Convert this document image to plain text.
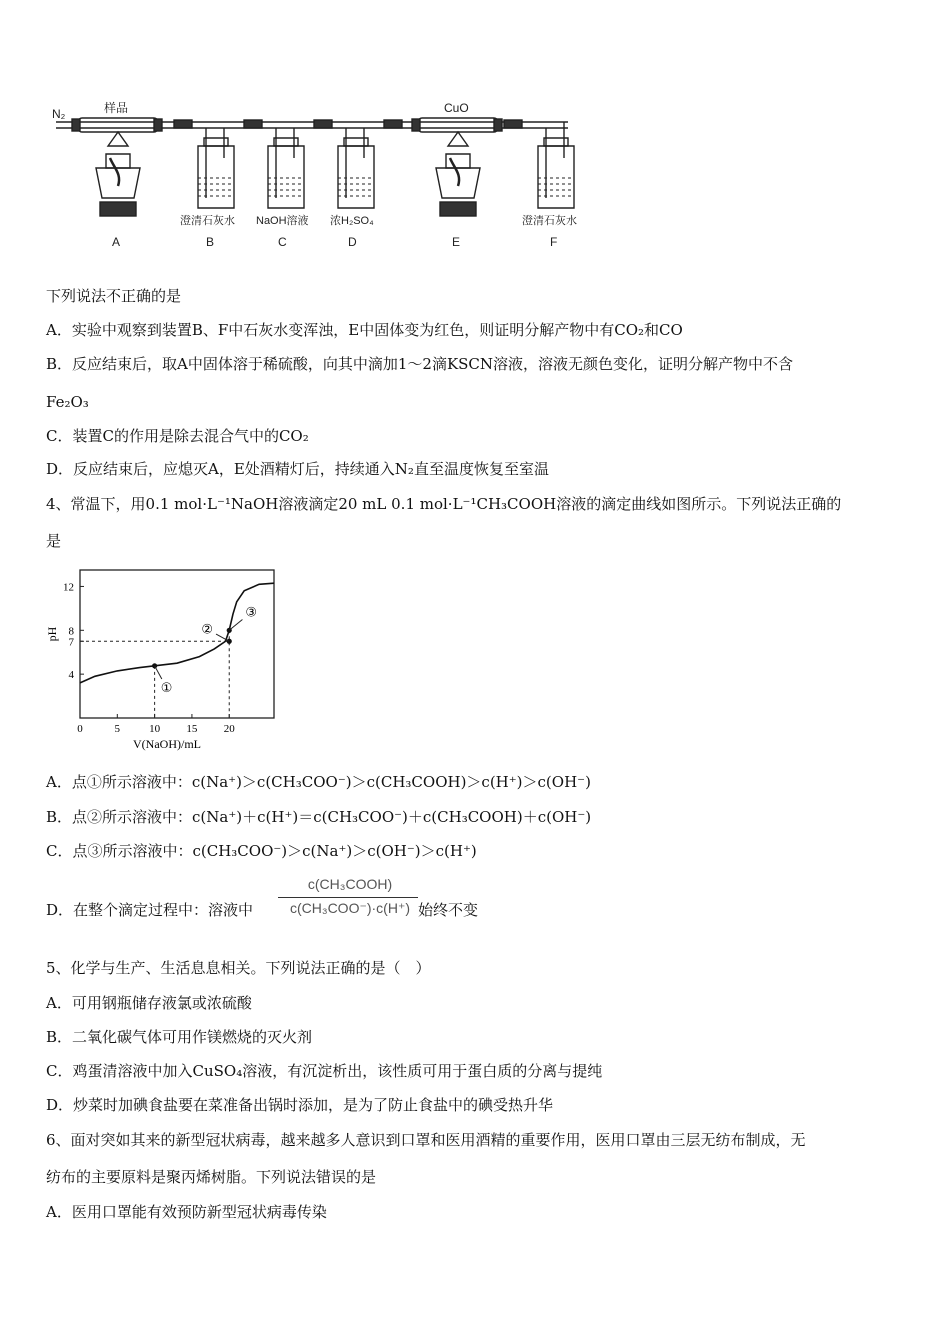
N₂	样品	CuO
澄清石灰水 NaOH溶液 浓H₂SO₄	澄清石灰水
A	B	C	D	E	F
下列说法不正确的是
A．实验中观察到装置B、F中石灰水变浑浊，E中固体变为红色，则证明分解产物中有CO₂和CO
B．反应结束后，取A中固体溶于稀硫酸，向其中滴加1～2滴KSCN溶液，溶液无颜色变化，证明分解产物中不含
Fe₂O₃
C．装置C的作用是除去混合气中的CO₂
D．反应结束后，应熄灭A，E处酒精灯后，持续通入N₂直至温度恢复至室温
4、常温下，用0.1 mol·L⁻¹NaOH溶液滴定20 mL 0.1 mol·L⁻¹CH₃COOH溶液的滴定曲线如图所示。下列说法正确的
是
0	5	10 15 20
4
7
8
12
V(NaOH)/mL
pH
①
②
③
A．点①所示溶液中：c(Na⁺)＞c(CH₃COO⁻)＞c(CH₃COOH)＞c(H⁺)＞c(OH⁻)
B．点②所示溶液中：c(Na⁺)＋c(H⁺)＝c(CH₃COO⁻)＋c(CH₃COOH)＋c(OH⁻)
C．点③所示溶液中：c(CH₃COO⁻)＞c(Na⁺)＞c(OH⁻)＞c(H⁺)
D．在整个滴定过程中：溶液中
c(CH₃COOH)
c(CH₃COO⁻)·c(H⁺) 始终不变
5、化学与生产、生活息息相关。下列说法正确的是（　）
A．可用钢瓶储存液氯或浓硫酸
B．二氧化碳气体可用作镁燃烧的灭火剂
C．鸡蛋清溶液中加入CuSO₄溶液，有沉淀析出，该性质可用于蛋白质的分离与提纯
D．炒菜时加碘食盐要在菜准备出锅时添加，是为了防止食盐中的碘受热升华
6、面对突如其来的新型冠状病毒，越来越多人意识到口罩和医用酒精的重要作用，医用口罩由三层无纺布制成，无
纺布的主要原料是聚丙烯树脂。下列说法错误的是
A．医用口罩能有效预防新型冠状病毒传染
